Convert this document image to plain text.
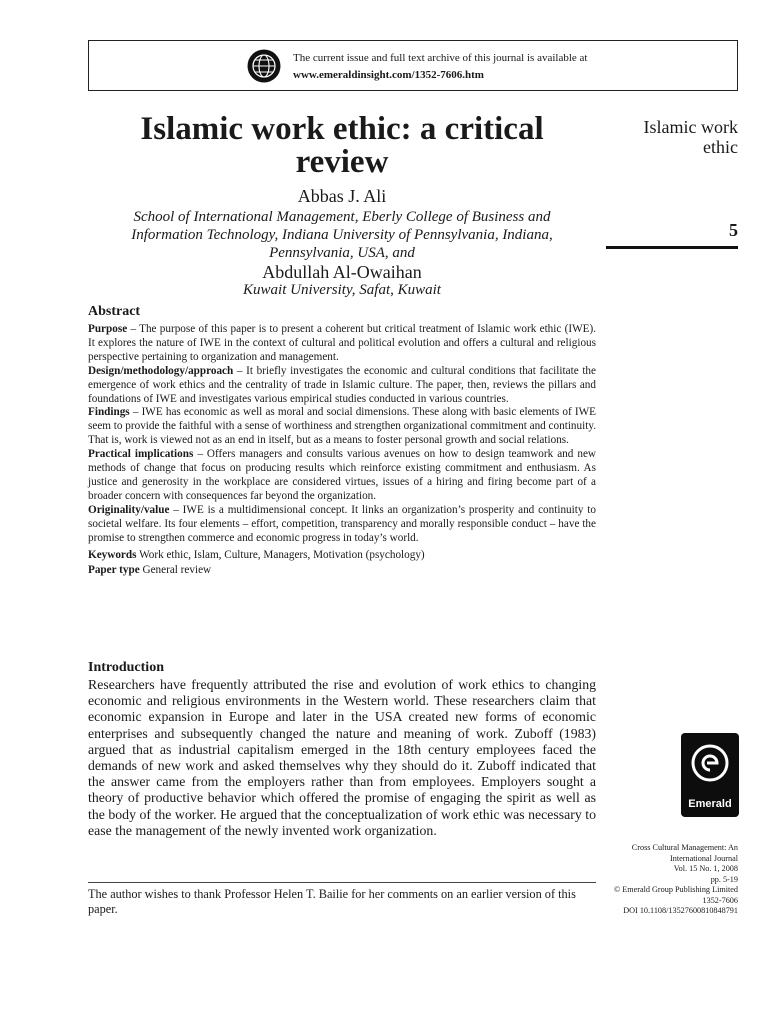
The current issue and full text archive of this journal is available at
www.emeraldinsight.com/1352-7606.htm
Islamic work ethic: a critical
review
Abbas J. Ali
School of International Management, Eberly College of Business and
Information Technology, Indiana University of Pennsylvania, Indiana,
Pennsylvania, USA, and
Abdullah Al-Owaihan
Kuwait University, Safat, Kuwait
Islamic work
ethic
5
Abstract

Purpose – The purpose of this paper is to present a coherent but critical treatment of Islamic work ethic (IWE). It explores the nature of IWE in the context of cultural and political evolution and offers a cultural and religious perspective pertaining to organization and management.

Design/methodology/approach – It briefly investigates the economic and cultural conditions that facilitate the emergence of work ethics and the centrality of trade in Islamic culture. The paper, then, reviews the pillars and foundations of IWE and investigates various empirical studies conducted in various countries.

Findings – IWE has economic as well as moral and social dimensions. These along with basic elements of IWE seem to provide the faithful with a sense of worthiness and strengthen organizational commitment and continuity. That is, work is viewed not as an end in itself, but as a means to foster personal growth and social relations.

Practical implications – Offers managers and consults various avenues on how to design teamwork and new methods of change that focus on producing results which reinforce existing commitment and enthusiasm. As justice and generosity in the workplace are considered virtues, issues of a hiring and firing become part of a broader concern with consequences far beyond the organization.

Originality/value – IWE is a multidimensional concept. It links an organization’s prosperity and continuity to societal welfare. Its four elements – effort, competition, transparency and morally responsible conduct – have the promise to strengthen commerce and economic progress in today’s world.

Keywords Work ethic, Islam, Culture, Managers, Motivation (psychology)

Paper type General review

Introduction

Researchers have frequently attributed the rise and evolution of work ethics to changing economic and religious environments in the Western world. These researchers claim that economic expansion in Europe and later in the USA created new forms of economic enterprises and subsequently changed the nature and meaning of work. Zuboff (1983) argued that as industrial capitalism emerged in the 18th century employees faced the demands of new work and asked themselves why they should do it. Zuboff indicated that the answer came from the employers rather than from employees. Employers sought a theory of productive behavior which offered the promise of engaging the spirit as well as the body of the worker. He argued that the conceptualization of work ethic was necessary to ease the management of the newly invented work organization.

The author wishes to thank Professor Helen T. Bailie for her comments on an earlier version of this paper.

Emerald
Cross Cultural Management: An
International Journal
Vol. 15 No. 1, 2008
pp. 5-19
© Emerald Group Publishing Limited
1352-7606
DOI 10.1108/13527600810848791
